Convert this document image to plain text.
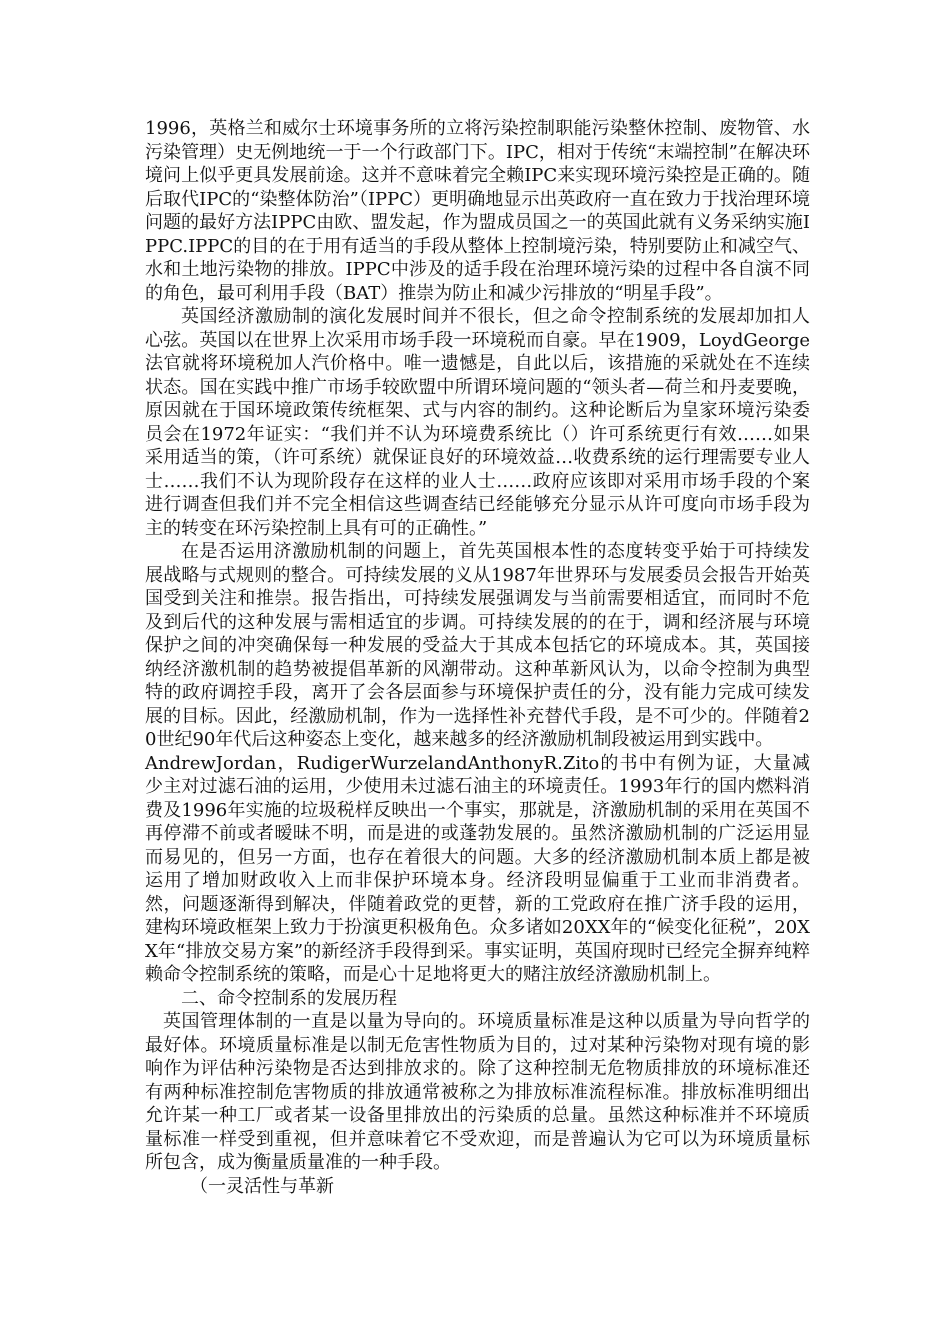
1996，英格兰和威尔士环境事务所的立将污染控制职能污染整休控制、废物管、水污染管理）史无例地统一于一个行政部门下。IPC，相对于传统“末端控制”在解决环境问上似乎更具发展前途。这并不意味着完全赖IPC来实现环境污染控是正确的。随后取代IPC的“染整体防治”（IPPC）更明确地显示出英政府一直在致力于找治理环境问题的最好方法IPPC由欧、盟发起，作为盟成员国之一的英国此就有义务采纳实施IPPC.IPPC的目的在于用有适当的手段从整体上控制境污染，特别要防止和减空气、水和土地污染物的排放。IPPC中涉及的适手段在治理环境污染的过程中各自演不同的角色，最可利用手段（BAT）推崇为防止和减少污排放的“明星手段”。

英国经济激励制的演化发展时间并不很长，但之命令控制系统的发展却加扣人心弦。英国以在世界上次采用市场手段一环境税而自豪。早在1909，LoydGeorge法官就将环境税加人汽价格中。唯一遗憾是，自此以后，该措施的采就处在不连续状态。国在实践中推广市场手较欧盟中所谓环境问题的“领头者—荷兰和丹麦要晚，原因就在于国环境政策传统框架、式与内容的制约。这种论断后为皇家环境污染委员会在1972年证实：“我们并不认为环境费系统比（）许可系统更行有效……如果采用适当的策，（许可系统）就保证良好的环境效益…收费系统的运行理需要专业人士……我们不认为现阶段存在这样的业人士……政府应该即对采用市场手段的个案进行调查但我们并不完全相信这些调查结已经能够充分显示从许可度向市场手段为主的转变在环污染控制上具有可的正确性。”

在是否运用济激励机制的问题上，首先英国根本性的态度转变乎始于可持续发展战略与式规则的整合。可持续发展的义从1987年世界环与发展委员会报告开始英国受到关注和推崇。报告指出，可持续发展强调发与当前需要相适宜，而同时不危及到后代的这种发展与需相适宜的步调。可持续发展的的在于，调和经济展与环境保护之间的冲突确保每一种发展的受益大于其成本包括它的环境成本。其，英国接纳经济激机制的趋势被提倡革新的风潮带动。这种革新风认为，以命令控制为典型特的政府调控手段，离开了会各层面参与环境保护责任的分，没有能力完成可续发展的目标。因此，经激励机制，作为一选择性补充替代手段，是不可少的。伴随着20世纪90年代后这种姿态上变化，越来越多的经济激励机制段被运用到实践中。

AndrewJordan，RudigerWurzelandAnthonyR.Zito的书中有例为证，大量减少主对过滤石油的运用，少使用未过滤石油主的环境责任。1993年行的国内燃料消费及1996年实施的垃圾税样反映出一个事实，那就是，济激励机制的采用在英国不再停滞不前或者暧昧不明，而是进的或蓬勃发展的。虽然济激励机制的广泛运用显而易见的，但另一方面，也存在着很大的问题。大多的经济激励机制本质上都是被运用了增加财政收入上而非保护环境本身。经济段明显偏重于工业而非消费者。然，问题逐渐得到解决，伴随着政党的更替，新的工党政府在推广济手段的运用，建构环境政框架上致力于扮演更积极角色。众多诸如20XX年的“候变化征税”，20XX年“排放交易方案”的新经济手段得到采。事实证明，英国府现时已经完全摒弃纯粹赖命令控制系统的策略，而是心十足地将更大的赌注放经济激励机制上。

二、命令控制系的发展历程

英国管理体制的一直是以量为导向的。环境质量标准是这种以质量为导向哲学的最好体。环境质量标准是以制无危害性物质为目的，过对某种污染物对现有境的影响作为评估种污染物是否达到排放求的。除了这种控制无危物质排放的环境标准还有两种标准控制危害物质的排放通常被称之为排放标准流程标准。排放标准明细出允许某一种工厂或者某一设备里排放出的污染质的总量。虽然这种标准并不环境质量标准一样受到重视，但并意味着它不受欢迎，而是普遍认为它可以为环境质量标所包含，成为衡量质量准的一种手段。

（一灵活性与革新
